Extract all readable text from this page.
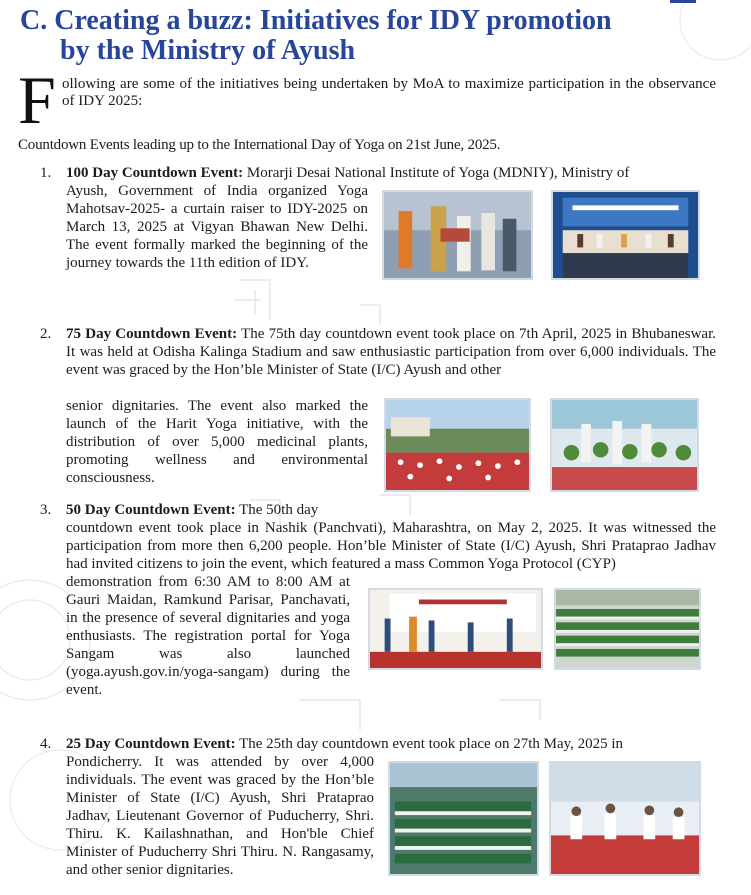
C. Creating a buzz: Initiatives for IDY promotion
by the Ministry of Ayush
F ollowing are some of the initiatives being undertaken by MoA to maximize participation in the observance of IDY 2025:

Countdown Events leading up to the International Day of Yoga on 21st June, 2025.

1. 100 Day Countdown Event: Morarji Desai National Institute of Yoga (MDNIY), Ministry of

Ayush, Government of India organized Yoga Mahotsav-2025- a curtain raiser to IDY-2025 on March 13, 2025 at Vigyan Bhawan New Delhi. The event formally marked the beginning of the journey towards the 11th edition of IDY.

2. 75 Day Countdown Event: The 75th day countdown event took place on 7th April, 2025 in Bhubaneswar. It was held at Odisha Kalinga Stadium and saw enthusiastic participation from over 6,000 individuals. The event was graced by the Hon’ble Minister of State (I/C) Ayush and other

senior dignitaries. The event also marked the launch of the Harit Yoga initiative, with the distribution of over 5,000 medicinal plants, promoting wellness and environmental consciousness.

3. 50 Day Countdown Event: The 50th day

countdown event took place in Nashik (Panchvati), Maharashtra, on May 2, 2025. It was witnessed the participation from more then 6,200 people. Hon’ble Minister of State (I/C) Ayush, Shri Prataprao Jadhav had invited citizens to join the event, which featured a mass Common Yoga Protocol (CYP)

demonstration from 6:30 AM to 8:00 AM at Gauri Maidan, Ramkund Parisar, Panchavati, in the presence of several dignitaries and yoga enthusiasts. The registration portal for Yoga Sangam was also launched (yoga.ayush.gov.in/yoga-sangam) during the event.

4. 25 Day Countdown Event: The 25th day countdown event took place on 27th May, 2025 in

Pondicherry. It was attended by over 4,000 individuals. The event was graced by the Hon’ble Minister of State (I/C) Ayush, Shri Prataprao Jadhav, Lieutenant Governor of Puducherry, Shri. Thiru. K. Kailashnathan, and Hon'ble Chief Minister of Puducherry Shri Thiru. N. Rangasamy, and other senior dignitaries.
